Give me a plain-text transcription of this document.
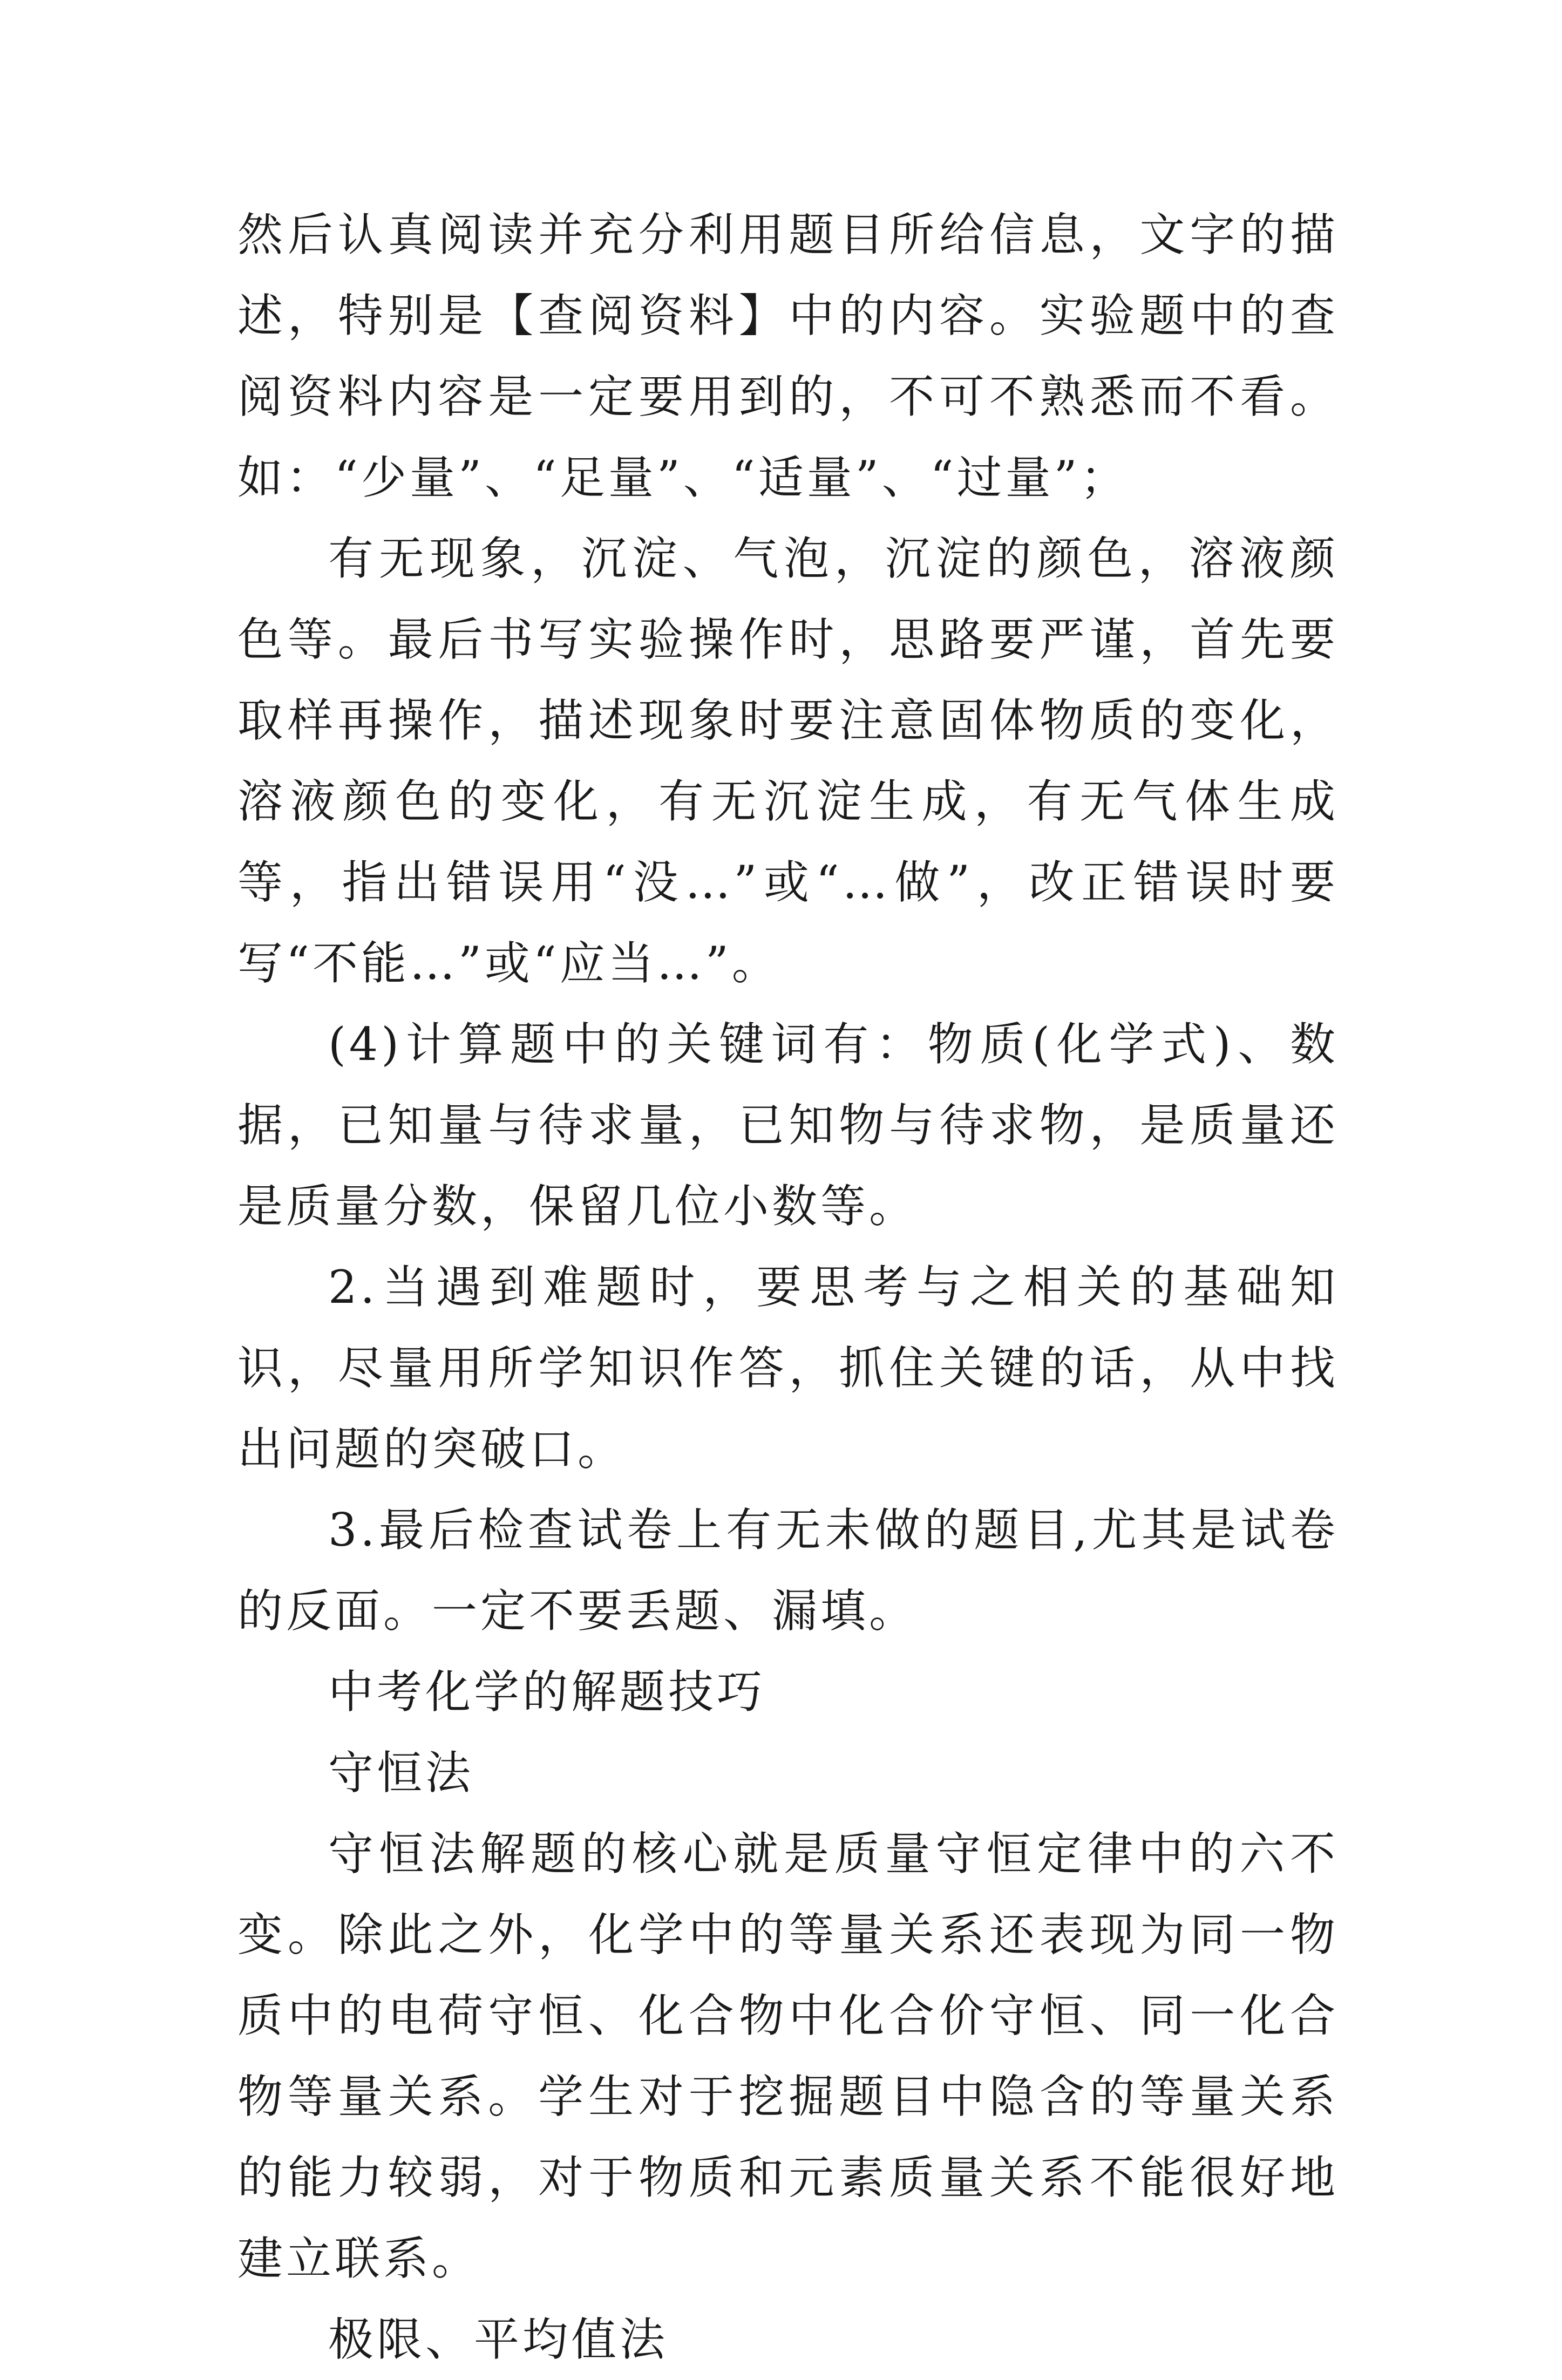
然后认真阅读并充分利用题目所给信息，文字的描述，特别是【查阅资料】中的内容。实验题中的查阅资料内容是一定要用到的，不可不熟悉而不看。如：“少量”、“足量”、“适量”、“过量”；

有无现象，沉淀、气泡，沉淀的颜色，溶液颜色等。最后书写实验操作时，思路要严谨，首先要取样再操作，描述现象时要注意固体物质的变化，溶液颜色的变化，有无沉淀生成，有无气体生成等，指出错误用“没…”或“…做”，改正错误时要写“不能…”或“应当…”。

(4)计算题中的关键词有：物质(化学式)、数据，已知量与待求量，已知物与待求物，是质量还是质量分数，保留几位小数等。

2.当遇到难题时，要思考与之相关的基础知识，尽量用所学知识作答，抓住关键的话，从中找出问题的突破口。

3.最后检查试卷上有无未做的题目,尤其是试卷的反面。一定不要丢题、漏填。

中考化学的解题技巧

守恒法

守恒法解题的核心就是质量守恒定律中的六不变。除此之外，化学中的等量关系还表现为同一物质中的电荷守恒、化合物中化合价守恒、同一化合物等量关系。学生对于挖掘题目中隐含的等量关系的能力较弱，对于物质和元素质量关系不能很好地建立联系。

极限、平均值法
